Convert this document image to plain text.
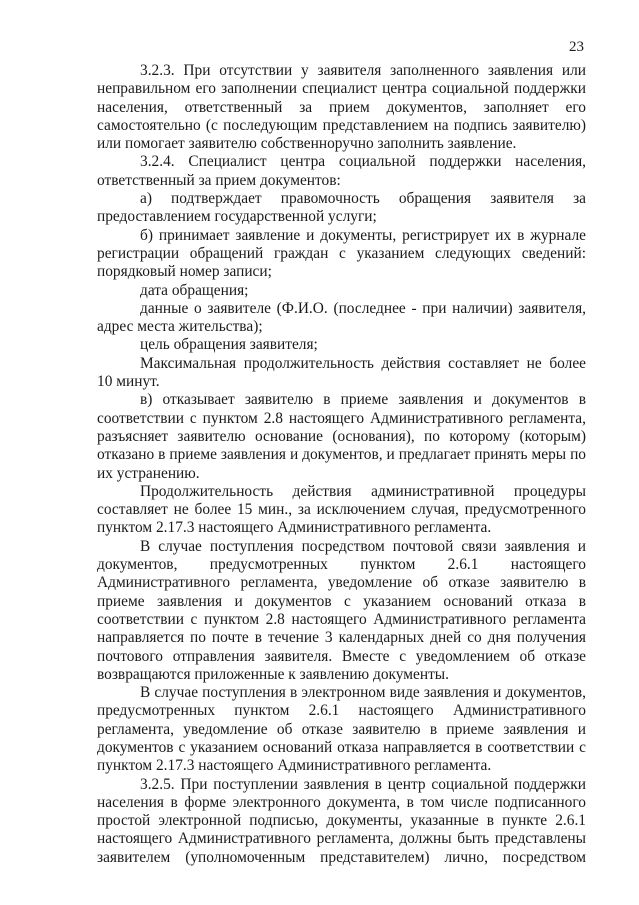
23

3.2.3. При отсутствии у заявителя заполненного заявления или неправильном его заполнении специалист центра социальной поддержки населения, ответственный за прием документов, заполняет его самостоятельно (с последующим представлением на подпись заявителю) или помогает заявителю собственноручно заполнить заявление.

3.2.4. Специалист центра социальной поддержки населения, ответственный за прием документов:

а) подтверждает правомочность обращения заявителя за предоставлением государственной услуги;

б) принимает заявление и документы, регистрирует их в журнале регистрации обращений граждан с указанием следующих сведений: порядковый номер записи;

дата обращения;

данные о заявителе (Ф.И.О. (последнее - при наличии) заявителя, адрес места жительства);

цель обращения заявителя;

Максимальная продолжительность действия составляет не более 10 минут.

в) отказывает заявителю в приеме заявления и документов в соответствии с пунктом 2.8 настоящего Административного регламента, разъясняет заявителю основание (основания), по которому (которым) отказано в приеме заявления и документов, и предлагает принять меры по их устранению.

Продолжительность действия административной процедуры составляет не более 15 мин., за исключением случая, предусмотренного пунктом 2.17.3 настоящего Административного регламента.

В случае поступления посредством почтовой связи заявления и документов, предусмотренных пунктом 2.6.1 настоящего Административного регламента, уведомление об отказе заявителю в приеме заявления и документов с указанием оснований отказа в соответствии с пунктом 2.8 настоящего Административного регламента направляется по почте в течение 3 календарных дней со дня получения почтового отправления заявителя. Вместе с уведомлением об отказе возвращаются приложенные к заявлению документы.

В случае поступления в электронном виде заявления и документов, предусмотренных пунктом 2.6.1 настоящего Административного регламента, уведомление об отказе заявителю в приеме заявления и документов с указанием оснований отказа направляется в соответствии с пунктом 2.17.3 настоящего Административного регламента.

3.2.5. При поступлении заявления в центр социальной поддержки населения в форме электронного документа, в том числе подписанного простой электронной подписью, документы, указанные в пункте 2.6.1 настоящего Административного регламента, должны быть представлены заявителем (уполномоченным представителем) лично, посредством
